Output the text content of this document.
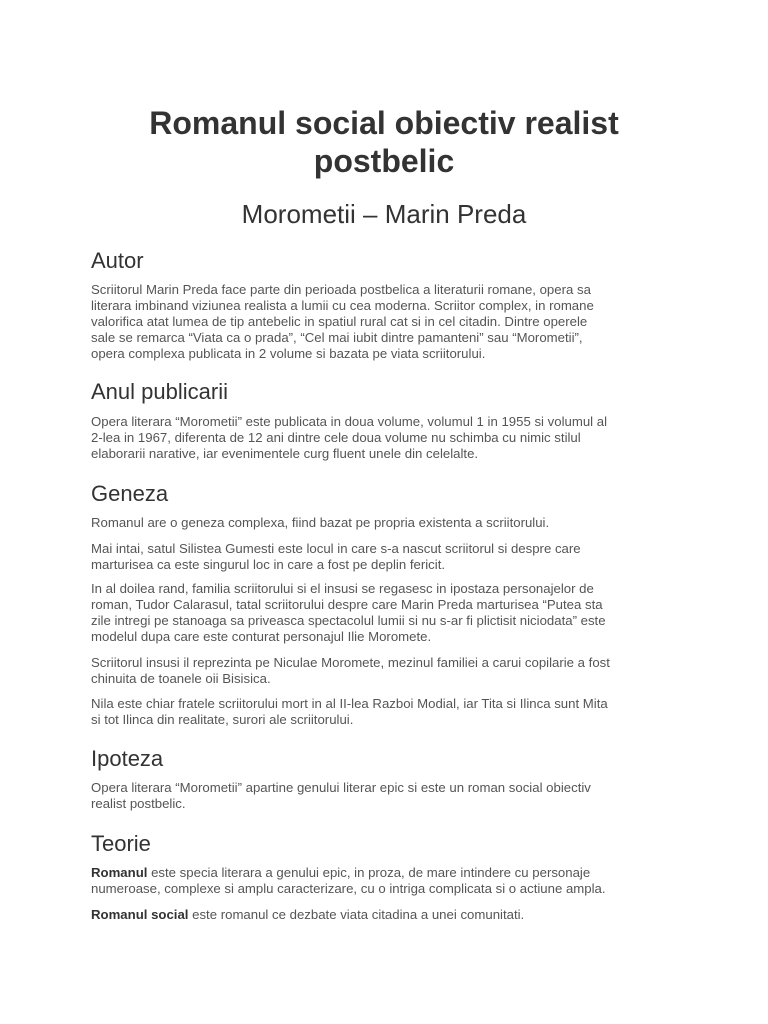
Romanul social obiectiv realist
postbelic
Morometii – Marin Preda
Autor

Scriitorul Marin Preda face parte din perioada postbelica a literaturii romane, opera sa
literara imbinand viziunea realista a lumii cu cea moderna. Scriitor complex, in romane
valorifica atat lumea de tip antebelic in spatiul rural cat si in cel citadin. Dintre operele
sale se remarca “Viata ca o prada”, “Cel mai iubit dintre pamanteni” sau “Morometii”,
opera complexa publicata in 2 volume si bazata pe viata scriitorului.

Anul publicarii

Opera literara “Morometii” este publicata in doua volume, volumul 1 in 1955 si volumul al
2-lea in 1967, diferenta de 12 ani dintre cele doua volume nu schimba cu nimic stilul
elaborarii narative, iar evenimentele curg fluent unele din celelalte.

Geneza

Romanul are o geneza complexa, fiind bazat pe propria existenta a scriitorului.

Mai intai, satul Silistea Gumesti este locul in care s-a nascut scriitorul si despre care
marturisea ca este singurul loc in care a fost pe deplin fericit.

In al doilea rand, familia scriitorului si el insusi se regasesc in ipostaza personajelor de
roman, Tudor Calarasul, tatal scriitorului despre care Marin Preda marturisea “Putea sta
zile intregi pe stanoaga sa priveasca spectacolul lumii si nu s-ar fi plictisit niciodata” este
modelul dupa care este conturat personajul Ilie Moromete.

Scriitorul insusi il reprezinta pe Niculae Moromete, mezinul familiei a carui copilarie a fost
chinuita de toanele oii Bisisica.

Nila este chiar fratele scriitorului mort in al II-lea Razboi Modial, iar Tita si Ilinca sunt Mita
si tot Ilinca din realitate, surori ale scriitorului.

Ipoteza

Opera literara “Morometii” apartine genului literar epic si este un roman social obiectiv
realist postbelic.

Teorie

Romanul este specia literara a genului epic, in proza, de mare intindere cu personaje
numeroase, complexe si amplu caracterizare, cu o intriga complicata si o actiune ampla.

Romanul social este romanul ce dezbate viata citadina a unei comunitati.
